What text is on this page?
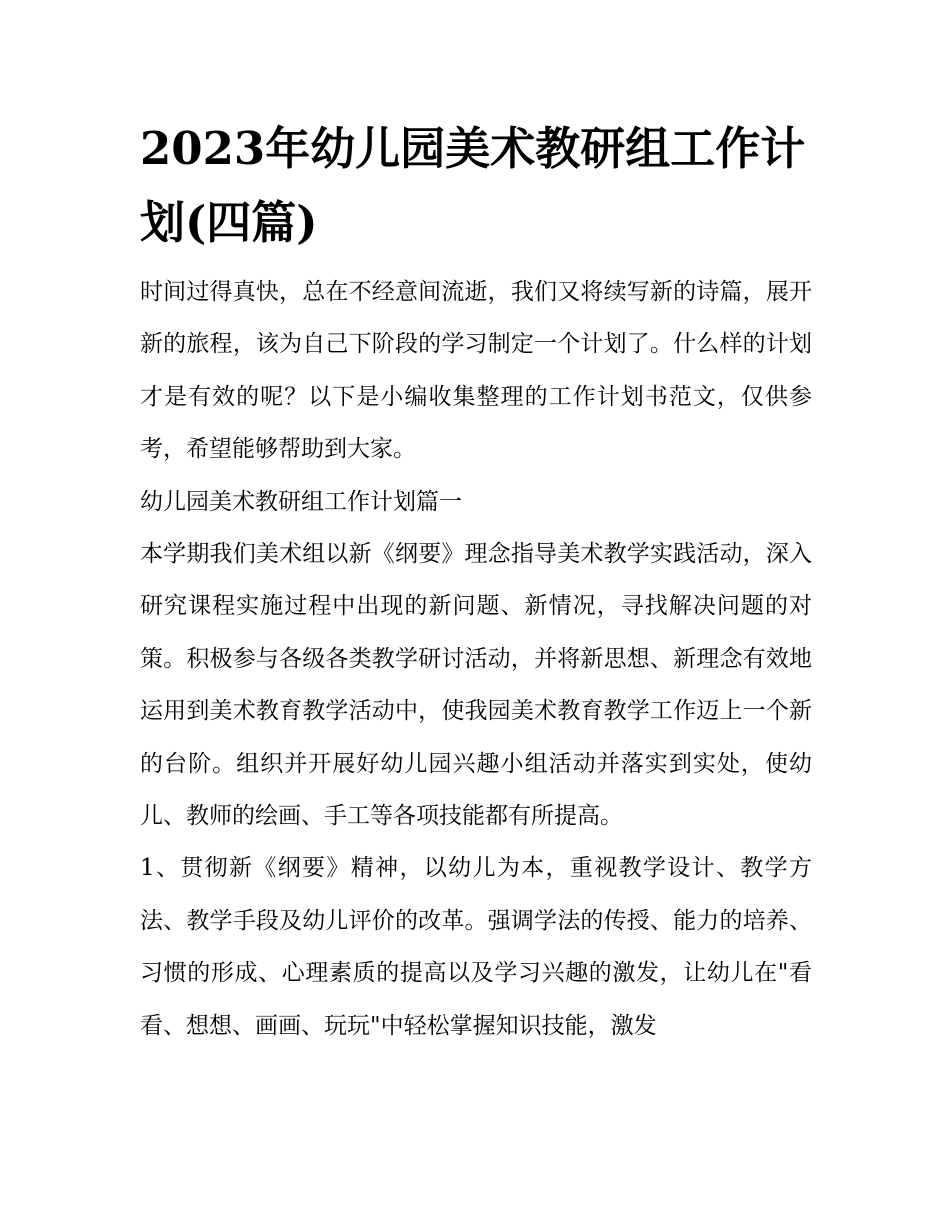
2023年幼儿园美术教研组工作计划(四篇)

时间过得真快，总在不经意间流逝，我们又将续写新的诗篇，展开新的旅程，该为自己下阶段的学习制定一个计划了。什么样的计划才是有效的呢？以下是小编收集整理的工作计划书范文，仅供参考，希望能够帮助到大家。

幼儿园美术教研组工作计划篇一

本学期我们美术组以新《纲要》理念指导美术教学实践活动，深入研究课程实施过程中出现的新问题、新情况，寻找解决问题的对策。积极参与各级各类教学研讨活动，并将新思想、新理念有效地运用到美术教育教学活动中，使我园美术教育教学工作迈上一个新的台阶。组织并开展好幼儿园兴趣小组活动并落实到实处，使幼儿、教师的绘画、手工等各项技能都有所提高。

1、贯彻新《纲要》精神，以幼儿为本，重视教学设计、教学方法、教学手段及幼儿评价的改革。强调学法的传授、能力的培养、习惯的形成、心理素质的提高以及学习兴趣的激发，让幼儿在"看看、想想、画画、玩玩"中轻松掌握知识技能，激发
